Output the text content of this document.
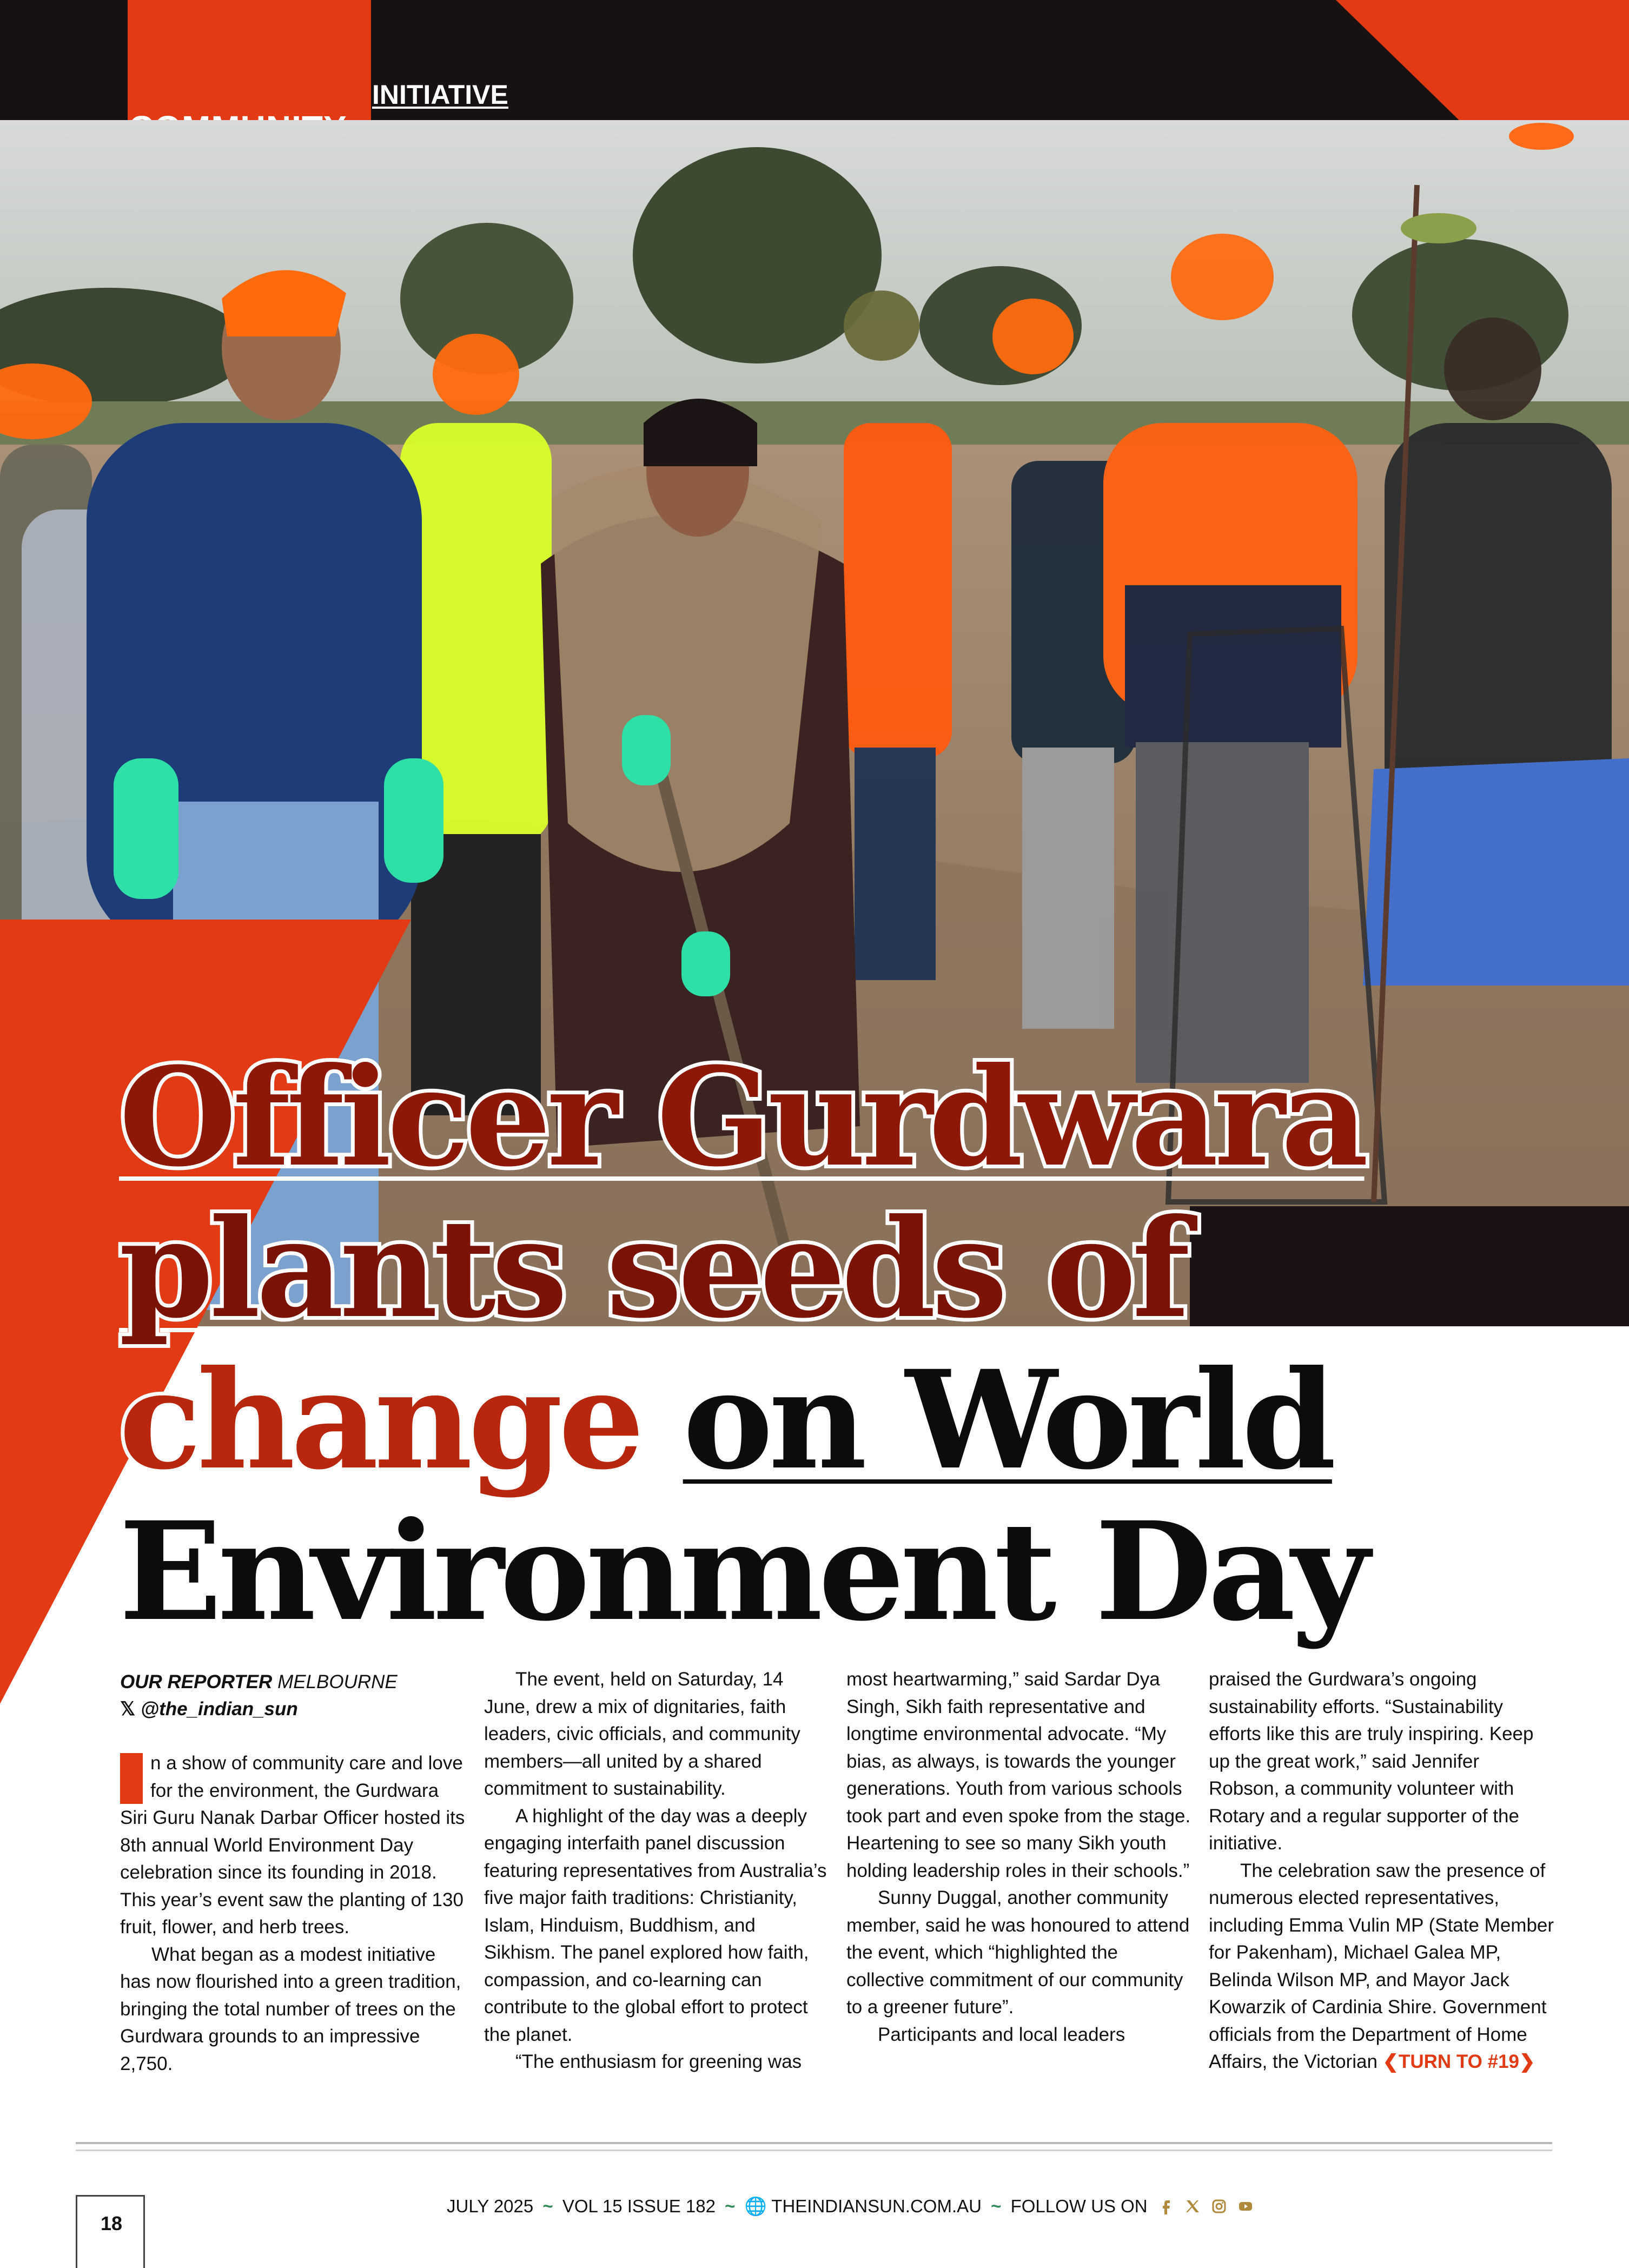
INITIATIVE
Officer Gurdwara
plants seeds of
change on World
Environment Day
OUR REPORTER MELBOURNE
𝕏 @the_indian_sun

n a show of community care and love for the environment, the Gurdwara Siri Guru Nanak Darbar Officer hosted its 8th annual World Environment Day celebration since its founding in 2018. This year’s event saw the planting of 130 fruit, flower, and herb trees.

What began as a modest initiative has now flourished into a green tradition, bringing the total number of trees on the Gurdwara grounds to an impressive 2,750.

The event, held on Saturday, 14 June, drew a mix of dignitaries, faith leaders, civic officials, and community members—all united by a shared commitment to sustainability.

A highlight of the day was a deeply engaging interfaith panel discussion featuring representatives from Australia’s five major faith traditions: Christianity, Islam, Hinduism, Buddhism, and Sikhism. The panel explored how faith, compassion, and co-learning can contribute to the global effort to protect the planet.

“The enthusiasm for greening was

most heartwarming,” said Sardar Dya Singh, Sikh faith representative and longtime environmental advocate. “My bias, as always, is towards the younger generations. Youth from various schools took part and even spoke from the stage. Heartening to see so many Sikh youth holding leadership roles in their schools.”

Sunny Duggal, another community member, said he was honoured to attend the event, which “highlighted the collective commitment of our community to a greener future”.

Participants and local leaders

praised the Gurdwara’s ongoing sustainability efforts. “Sustainability efforts like this are truly inspiring. Keep up the great work,” said Jennifer Robson, a community volunteer with Rotary and a regular supporter of the initiative.

The celebration saw the presence of numerous elected representatives, including Emma Vulin MP (State Member for Pakenham), Michael Galea MP, Belinda Wilson MP, and Mayor Jack Kowarzik of Cardinia Shire. Government officials from the Department of Home Affairs, the Victorian ❮TURN TO #19❯

18
JULY 2025 ~ VOL 15 ISSUE 182 ~ 🌐 THEINDIANSUN.COM.AU ~ FOLLOW US ON
